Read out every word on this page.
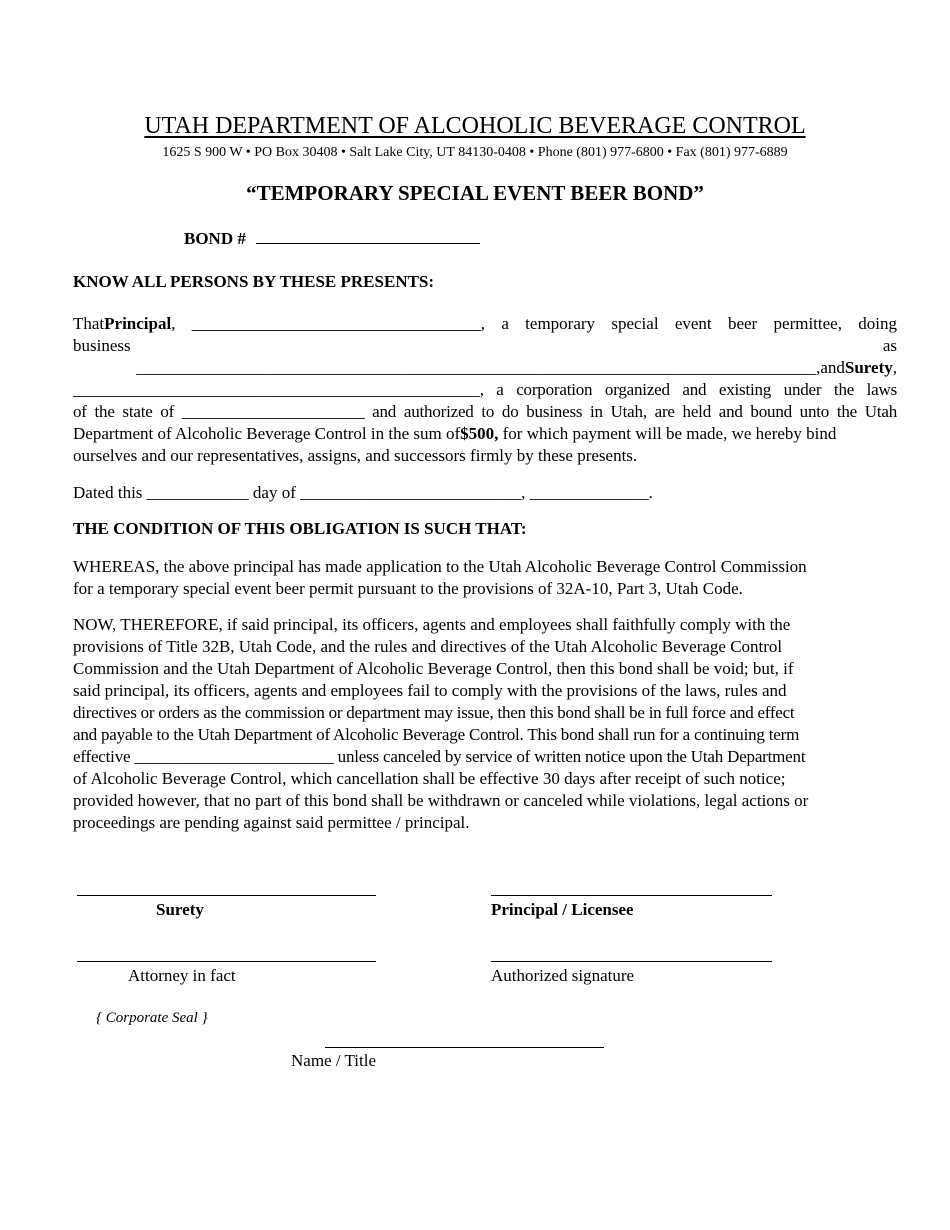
UTAH DEPARTMENT OF ALCOHOLIC BEVERAGE CONTROL
1625 S 900 W • PO Box 30408 • Salt Lake City, UT 84130-0408 • Phone (801) 977-6800 • Fax (801) 977-6889
“TEMPORARY SPECIAL EVENT BEER BOND”
BOND #
KNOW ALL PERSONS BY THESE PRESENTS:
That Principal , __________________________________, a temporary special event beer permittee, doing
business	as
________________________________________________________________________________,and Surety ,
_________________________________________________, a corporation organized and existing under the laws
of the state of ______________________ and authorized to do business in Utah, are held and bound unto the Utah
Department of Alcoholic Beverage Control in the sum of $500, for which payment will be made, we hereby bind
ourselves and our representatives, assigns, and successors firmly by these presents.
Dated this ____________ day of __________________________, ______________.
THE CONDITION OF THIS OBLIGATION IS SUCH THAT:
WHEREAS, the above principal has made application to the Utah Alcoholic Beverage Control Commission
for a temporary special event beer permit pursuant to the provisions of 32A-10, Part 3, Utah Code.
NOW, THEREFORE, if said principal, its officers, agents and employees shall faithfully comply with the
provisions of Title 32B, Utah Code, and the rules and directives of the Utah Alcoholic Beverage Control
Commission and the Utah Department of Alcoholic Beverage Control, then this bond shall be void; but, if
said principal, its officers, agents and employees fail to comply with the provisions of the laws, rules and
directives or orders as the commission or department may issue, then this bond shall be in full force and effect
and payable to the Utah Department of Alcoholic Beverage Control. This bond shall run for a continuing term
effective ________________________ unless canceled by service of written notice upon the Utah Department
of Alcoholic Beverage Control, which cancellation shall be effective 30 days after receipt of such notice;
provided however, that no part of this bond shall be withdrawn or canceled while violations, legal actions or
proceedings are pending against said permittee / principal.
Surety	Principal / Licensee
Attorney in fact	Authorized signature
{ Corporate Seal }
Name / Title
